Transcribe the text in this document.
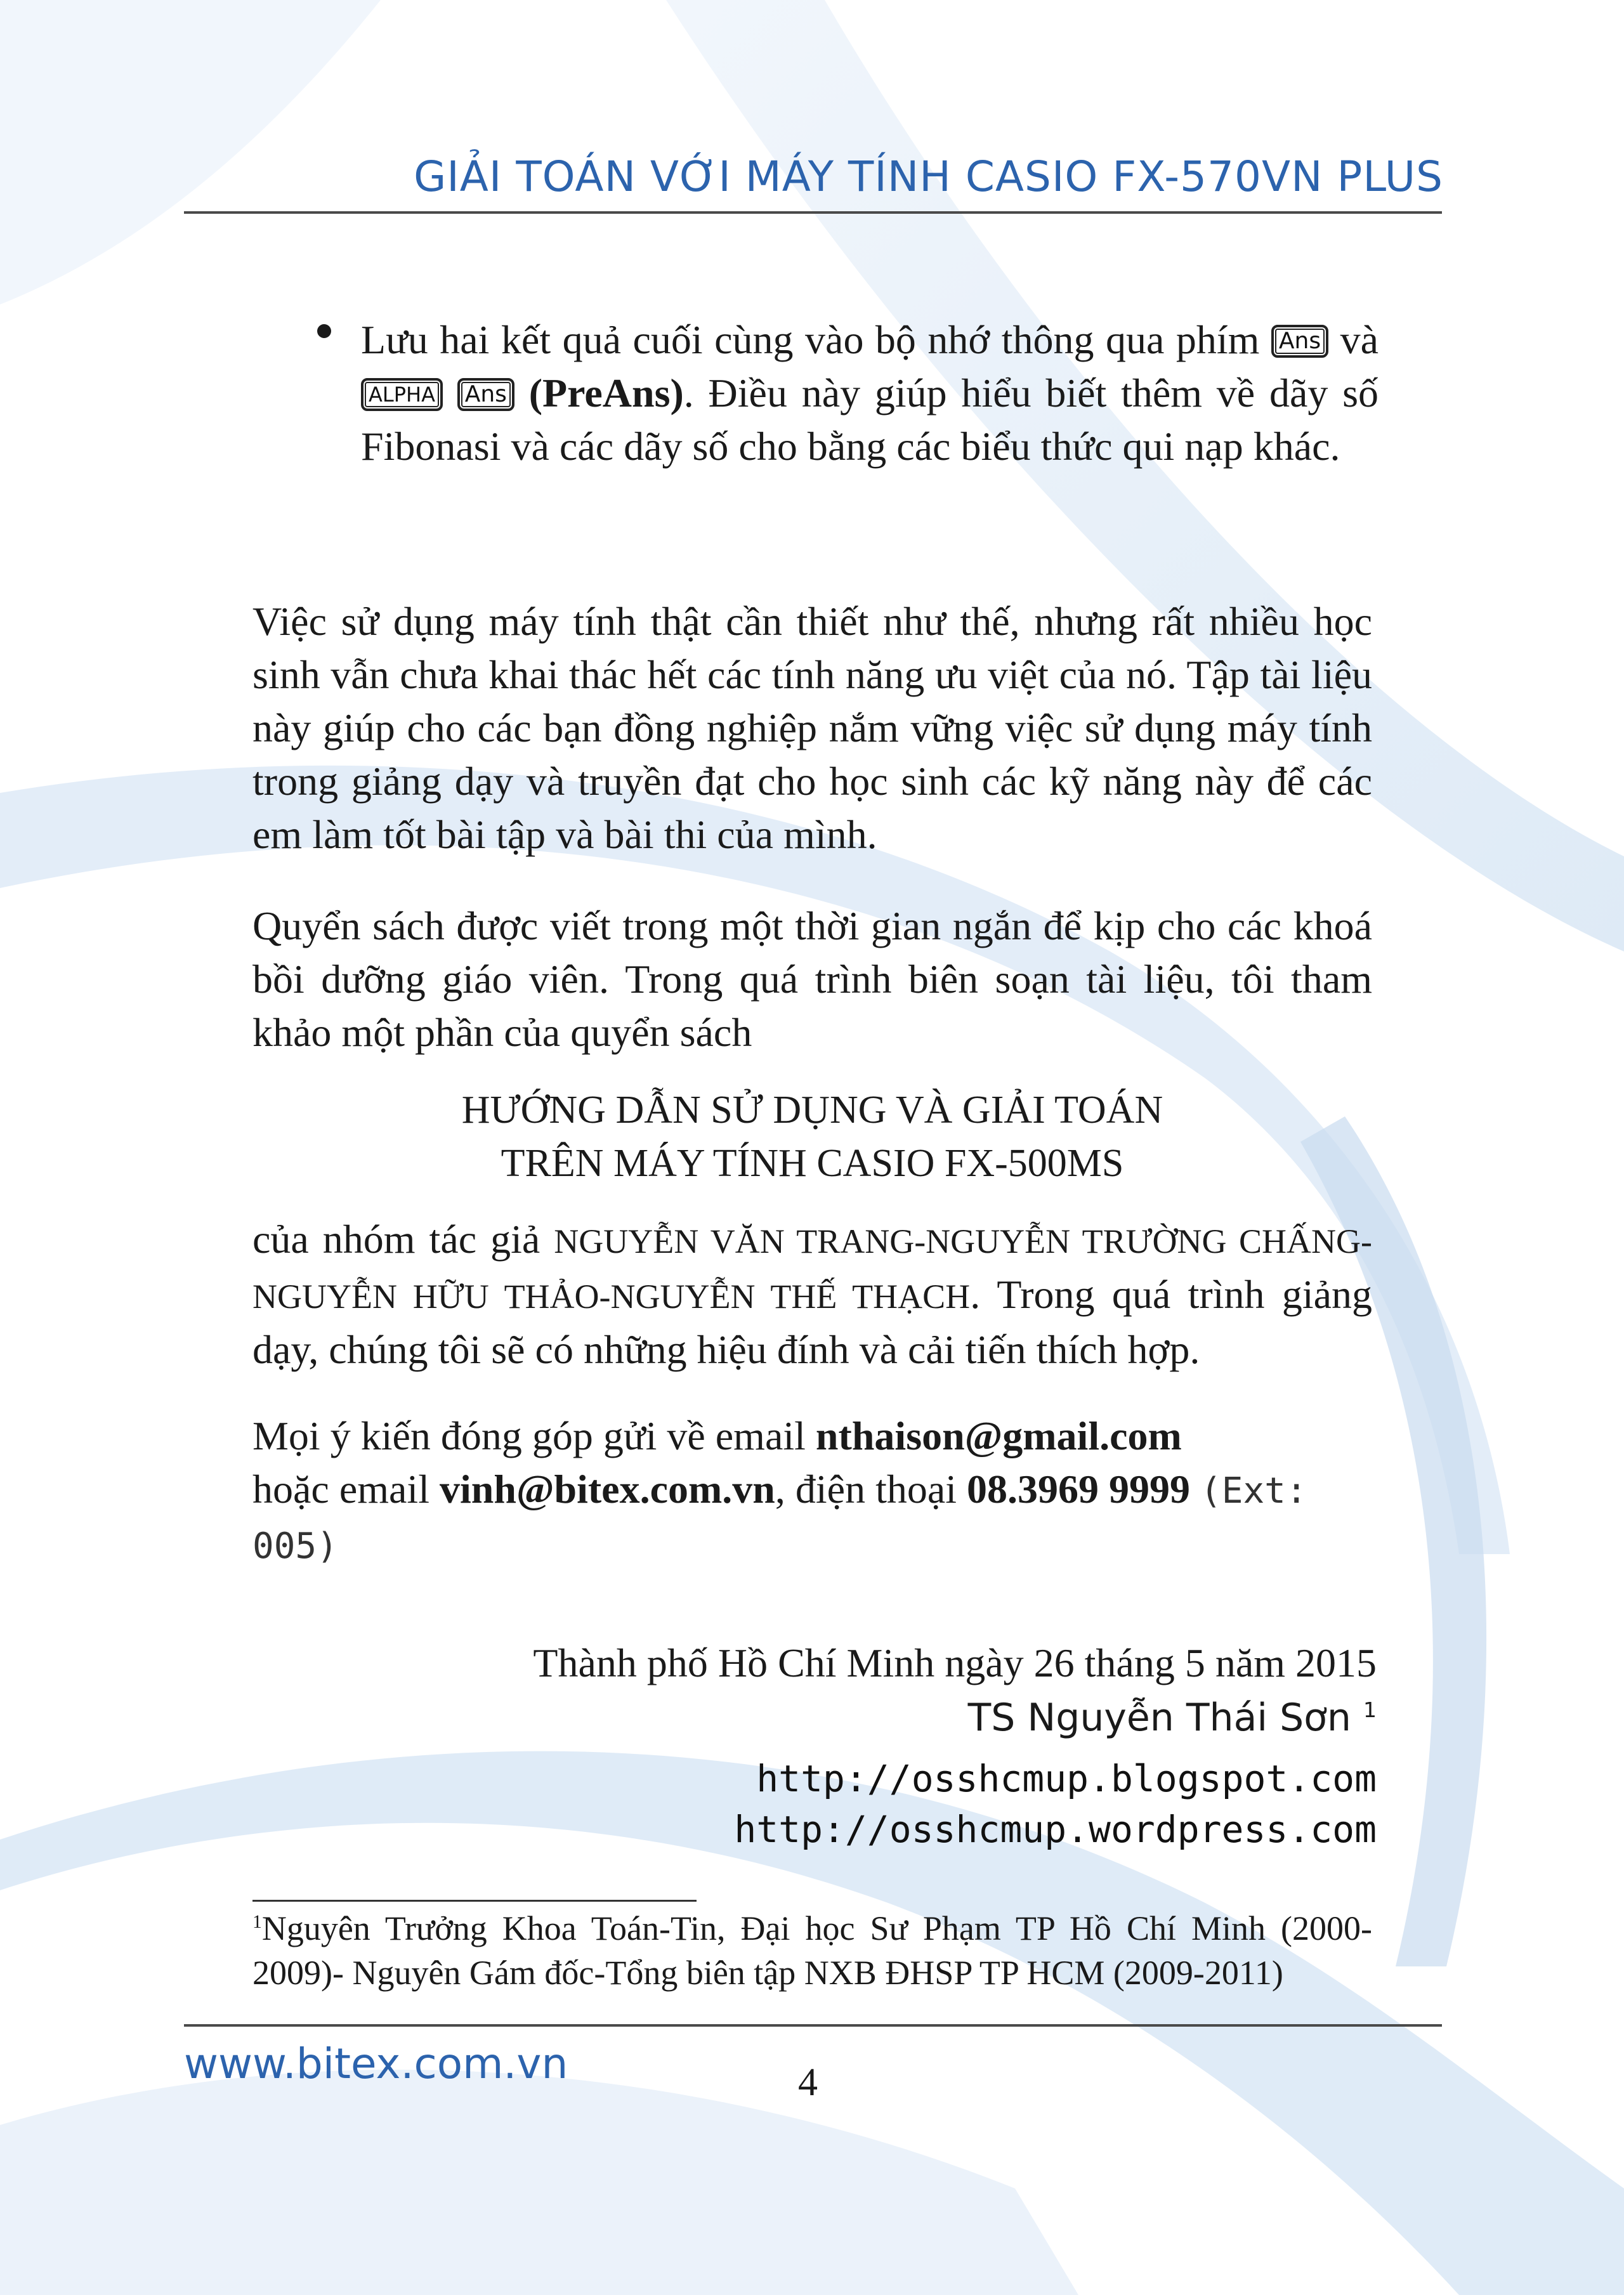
GIẢI TOÁN VỚI MÁY TÍNH CASIO FX-570VN PLUS
Lưu hai kết quả cuối cùng vào bộ nhớ thông qua phím Ans và ALPHA Ans (PreAns). Điều này giúp hiểu biết thêm về dãy số Fibonasi và các dãy số cho bằng các biểu thức qui nạp khác.
Việc sử dụng máy tính thật cần thiết như thế, nhưng rất nhiều học sinh vẫn chưa khai thác hết các tính năng ưu việt của nó. Tập tài liệu này giúp cho các bạn đồng nghiệp nắm vững việc sử dụng máy tính trong giảng dạy và truyền đạt cho học sinh các kỹ năng này để các em làm tốt bài tập và bài thi của mình.
Quyển sách được viết trong một thời gian ngắn để kịp cho các khoá bồi dưỡng giáo viên. Trong quá trình biên soạn tài liệu, tôi tham khảo một phần của quyển sách
HƯỚNG DẪN SỬ DỤNG VÀ GIẢI TOÁN
TRÊN MÁY TÍNH CASIO FX-500MS
của nhóm tác giả NGUYỄN VĂN TRANG-NGUYỄN TRƯỜNG CHẤNG-NGUYỄN HỮU THẢO-NGUYỄN THẾ THẠCH. Trong quá trình giảng dạy, chúng tôi sẽ có những hiệu đính và cải tiến thích hợp.
Mọi ý kiến đóng góp gửi về email nthaison@gmail.com
hoặc email vinh@bitex.com.vn, điện thoại 08.3969 9999 (Ext: 005)
Thành phố Hồ Chí Minh ngày 26 tháng 5 năm 2015
TS Nguyễn Thái Sơn $^1$
http://osshcmup.blogspot.com
http://osshcmup.wordpress.com
$^1$Nguyên Trưởng Khoa Toán-Tin, Đại học Sư Phạm TP Hồ Chí Minh (2000-2009)- Nguyên Gám đốc-Tổng biên tập NXB ĐHSP TP HCM (2009-2011)
www.bitex.com.vn	4
